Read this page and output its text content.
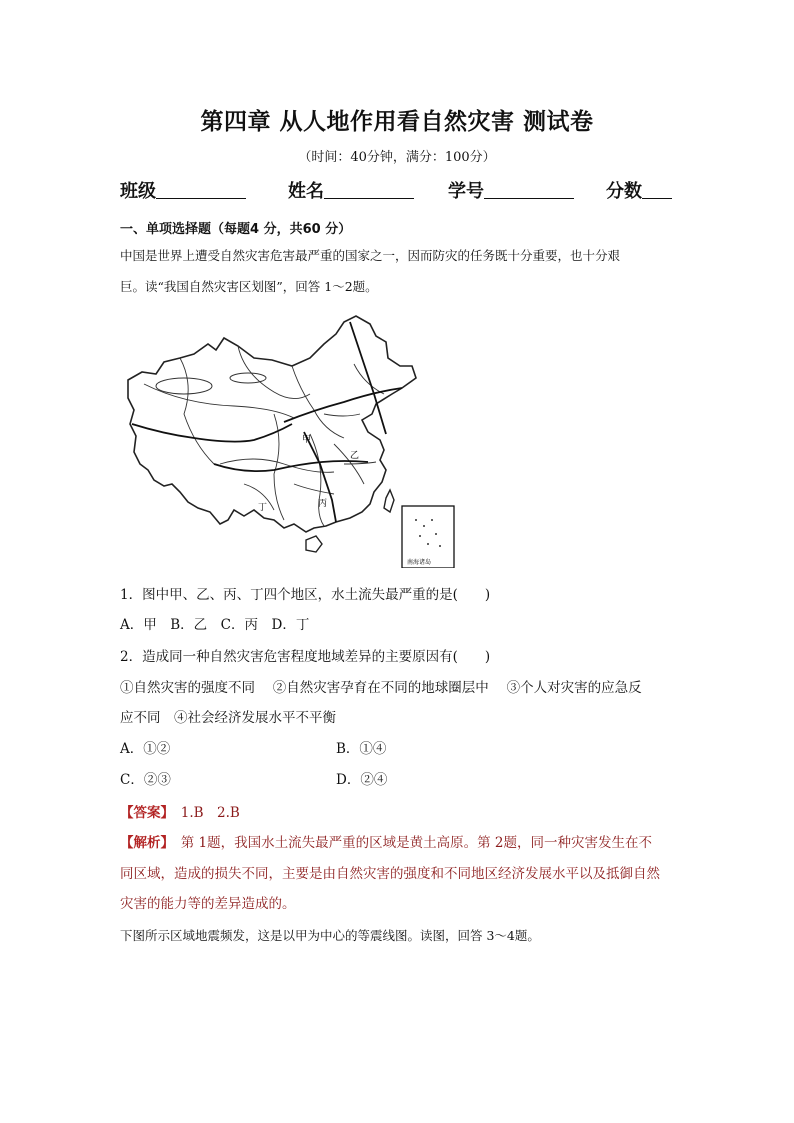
第四章 从人地作用看自然灾害 测试卷
（时间：40分钟，满分：100分）
班级	姓名	学号	分数
一、单项选择题（每题4 分，共60 分）
中国是世界上遭受自然灾害危害最严重的国家之一，因而防灾的任务既十分重要，也十分艰
巨。读“我国自然灾害区划图”，回答 1～2题。
甲
乙
丙
丁
南海诸岛
1．图中甲、乙、丙、丁四个地区，水土流失最严重的是(　　)
A．甲　B．乙　C．丙　D．丁
2．造成同一种自然灾害危害程度地域差异的主要原因有(　　)
①自然灾害的强度不同　 ②自然灾害孕育在不同的地球圈层中　 ③个人对灾害的应急反
应不同　④社会经济发展水平不平衡
A．①②	B．①④
C．②③	D．②④
【答案】　1.B　2.B
【解析】　第 1题，我国水土流失最严重的区域是黄土高原。第 2题，同一种灾害发生在不
同区域，造成的损失不同，主要是由自然灾害的强度和不同地区经济发展水平以及抵御自然
灾害的能力等的差异造成的。
下图所示区域地震频发，这是以甲为中心的等震线图。读图，回答 3～4题。
